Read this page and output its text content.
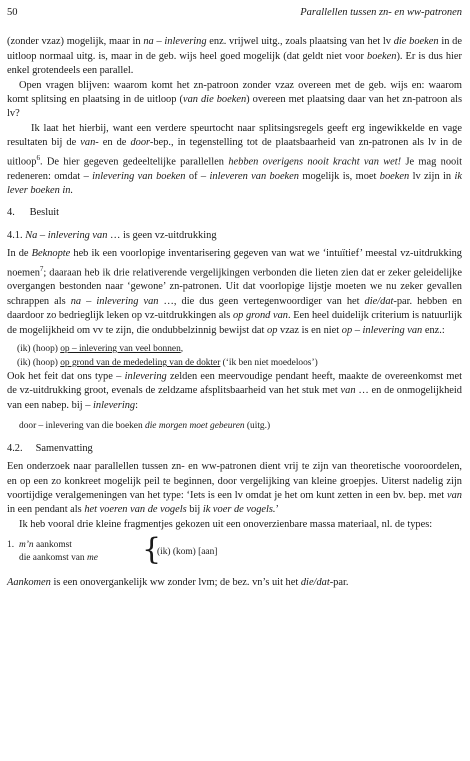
50	Parallellen tussen zn- en ww-patronen

(zonder vzaz) mogelijk, maar in na – inlevering enz. vrijwel uitg., zoals plaatsing van het lv die boeken in de uitloop normaal uitg. is, maar in de geb. wijs heel goed mogelijk (dat geldt niet voor boeken). Er is dus hier enkel grotendeels een parallel.

Open vragen blijven: waarom komt het zn-patroon zonder vzaz overeen met de geb. wijs en: waarom komt splitsing en plaatsing in de uitloop (van die boeken) overeen met plaatsing daar van het zn-patroon als lv?

Ik laat het hierbij, want een verdere speurtocht naar splitsingsregels geeft erg ingewikkelde en vage resultaten bij de van- en de door-bep., in tegenstelling tot de plaatsbaarheid van zn-patronen als lv in de uitloop$^6$. De hier gegeven gedeeltelijke parallellen hebben overigens nooit kracht van wet! Je mag nooit redeneren: omdat – inlevering van boeken of – inleveren van boeken mogelijk is, moet boeken lv zijn in ik lever boeken in.

4. Besluit
4.1. Na – inlevering van … is geen vz-uitdrukking

In de Beknopte heb ik een voorlopige inventarisering gegeven van wat we ‘intuïtief’ meestal vz-uitdrukking noemen$^7$; daaraan heb ik drie relativerende vergelijkingen verbonden die lieten zien dat er zeker geleidelijke overgangen bestonden naar ‘gewone’ zn-patronen. Uit dat voorlopige lijstje moeten we nu zeker gevallen schrappen als na – inlevering van …, die dus geen vertegenwoordiger van het die/dat-par. hebben en daardoor zo bedrieglijk leken op vz-uitdrukkingen als op grond van. Een heel duidelijk criterium is natuurlijk de mogelijkheid om vv te zijn, die ondubbelzinnig bewijst dat op vzaz is en niet op – inlevering van enz.:

(ik) (hoop) op – inlevering van veel bonnen,
(ik) (hoop) op grond van de mededeling van de dokter (‘ik ben niet moedeloos’)

Ook het feit dat ons type – inlevering zelden een meervoudige pendant heeft, maakte de overeenkomst met de vz-uitdrukking groot, evenals de zeldzame afsplitsbaarheid van het stuk met van … en de onmogelijkheid van een nabep. bij – inlevering:

door – inlevering van die boeken die morgen moet gebeuren (uitg.)
4.2. Samenvatting

Een onderzoek naar parallellen tussen zn- en ww-patronen dient vrij te zijn van theoretische vooroordelen, en op een zo konkreet mogelijk peil te beginnen, door vergelijking van kleine groepjes. Uiterst nadelig zijn voortijdige veralgemeningen van het type: ‘Iets is een lv omdat je het om kunt zetten in een bv. bep. met van in een pendant als het voeren van de vogels bij ik voer de vogels.’

Ik heb vooral drie kleine fragmentjes gekozen uit een onoverzienbare massa materiaal, nl. de types:

1. m’n aankomst
die aankomst van me {
(ik) (kom) [aan]

Aankomen is een onovergankelijk ww zonder lvm; de bez. vn’s uit het die/dat-par.
